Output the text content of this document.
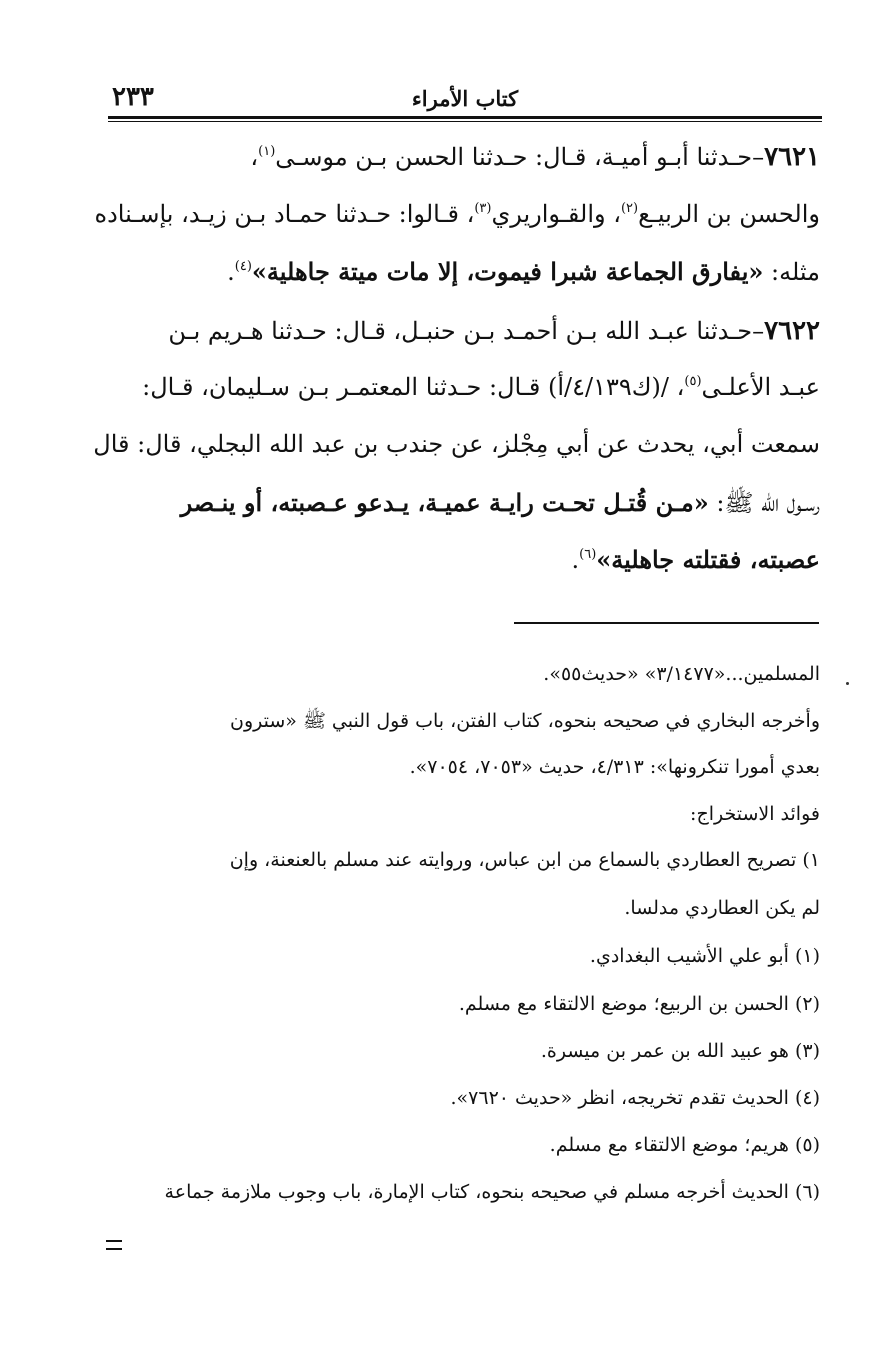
٢٣٣	كتاب الأمراء
٧٦٢١–حـدثنا أبـو أميـة، قـال: حـدثنا الحسن بـن موسـى$^{(١)}$،
والحسن بن الربيـع$^{(٢)}$، والقـواريري$^{(٣)}$، قـالوا: حـدثنا حمـاد بـن زيـد، بإسـناده
مثله: «يفارق الجماعة شبرا فيموت، إلا مات ميتة جاهلية»$^{(٤)}$.
٧٦٢٢–حـدثنا عبـد الله بـن أحمـد بـن حنبـل، قـال: حـدثنا هـريم بـن
عبـد الأعلـى$^{(٥)}$، /(ك٤/١٣٩/أ) قـال: حـدثنا المعتمـر بـن سـليمان، قـال:
سمعت أبي، يحدث عن أبي مِجْلز، عن جندب بن عبد الله البجلي، قال: قال
رسـول الله ﷺ: «مـن قُتـل تحـت رايـة عميـة، يـدعو عـصبته، أو ينـصر
عصبته، فقتلته جاهلية»$^{(٦)}$.
المسلمين...«٣/١٤٧٧» «حديث٥٥».
وأخرجه البخاري في صحيحه بنحوه، كتاب الفتن، باب قول النبي ﷺ «سترون
بعدي أمورا تنكرونها»: ٤/٣١٣، حديث «٧٠٥٣، ٧٠٥٤».
فوائد الاستخراج:
١) تصريح العطاردي بالسماع من ابن عباس، وروايته عند مسلم بالعنعنة، وإن
لم يكن العطاردي مدلسا.
(١) أبو علي الأشيب البغدادي.
(٢) الحسن بن الربيع؛ موضع الالتقاء مع مسلم.
(٣) هو عبيد الله بن عمر بن ميسرة.
(٤) الحديث تقدم تخريجه، انظر «حديث ٧٦٢٠».
(٥) هريم؛ موضع الالتقاء مع مسلم.
(٦) الحديث أخرجه مسلم في صحيحه بنحوه، كتاب الإمارة، باب وجوب ملازمة جماعة
